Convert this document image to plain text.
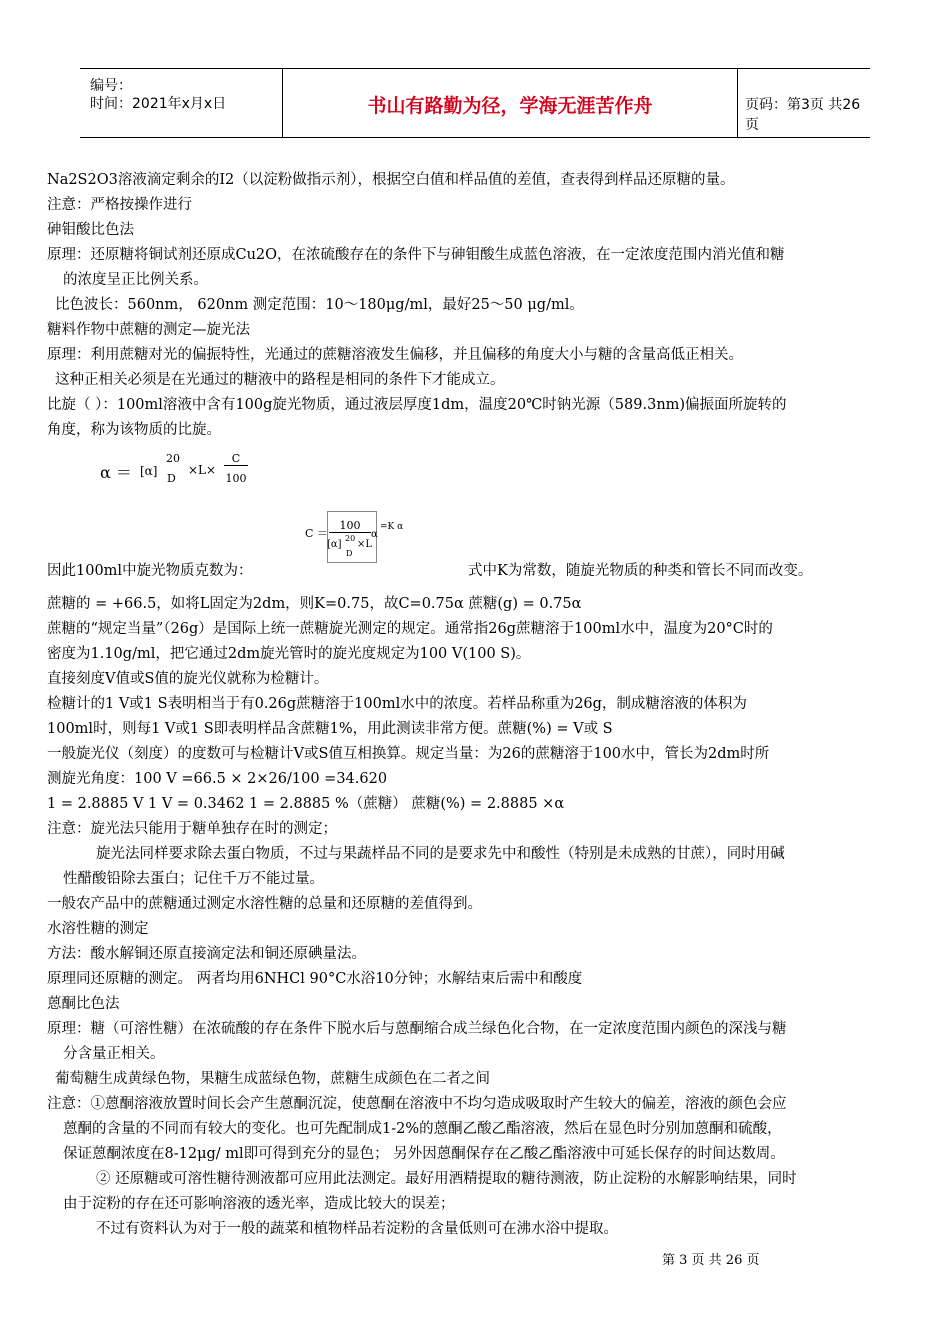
编号：
时间：2021年x月x日	书山有路勤为径，学海无涯苦作舟	页码：第3页 共26页
Na2S2O3溶液滴定剩余的I2（以淀粉做指示剂），根据空白值和样品值的差值，查表得到样品还原糖的量。
注意：严格按操作进行
砷钼酸比色法
原理：还原糖将铜试剂还原成Cu2O，在浓硫酸存在的条件下与砷钼酸生成蓝色溶液，在一定浓度范围内消光值和糖
的浓度呈正比例关系。
比色波长：560nm， 620nm 测定范围：10～180μg/ml，最好25～50 μg/ml。
糖料作物中蔗糖的测定—旋光法
原理：利用蔗糖对光的偏振特性，光通过的蔗糖溶液发生偏移，并且偏移的角度大小与糖的含量高低正相关。
这种正相关必须是在光通过的糖液中的路程是相同的条件下才能成立。
比旋（ ）：100ml溶液中含有100g旋光物质，通过液层厚度1dm，温度20℃时钠光源（589.3nm)偏振面所旋转的
角度，称为该物质的比旋。
α ＝ [α]
20
D
×L×
C
100
C ＝
100
[α]
20
D
×L
α
=K α
因此100ml中旋光物质克数为：	式中K为常数，随旋光物质的种类和管长不同而改变。
蔗糖的 = +66.5，如将L固定为2dm，则K=0.75，故C=0.75α 蔗糖(g) = 0.75α
蔗糖的“规定当量”（26g）是国际上统一蔗糖旋光测定的规定。通常指26g蔗糖溶于100ml水中，温度为20°C时的
密度为1.10g/ml，把它通过2dm旋光管时的旋光度规定为100 V(100 S)。
直接刻度V值或S值的旋光仪就称为检糖计。
检糖计的1 V或1 S表明相当于有0.26g蔗糖溶于100ml水中的浓度。若样品称重为26g，制成糖溶液的体积为
100ml时，则每1 V或1 S即表明样品含蔗糖1%，用此测读非常方便。蔗糖(%) = V或 S
一般旋光仪（刻度）的度数可与检糖计V或S值互相换算。规定当量：为26的蔗糖溶于100水中，管长为2dm时所
测旋光角度：100 V =66.5 × 2×26/100 =34.620
1 = 2.8885 V 1 V = 0.3462 1 = 2.8885 %（蔗糖） 蔗糖(%) = 2.8885 ×α
注意：旋光法只能用于糖单独存在时的测定；
旋光法同样要求除去蛋白物质，不过与果蔬样品不同的是要求先中和酸性（特别是未成熟的甘蔗），同时用碱
性醋酸铅除去蛋白；记住千万不能过量。
一般农产品中的蔗糖通过测定水溶性糖的总量和还原糖的差值得到。
水溶性糖的测定
方法：酸水解铜还原直接滴定法和铜还原碘量法。
原理同还原糖的测定。 两者均用6NHCl 90°C水浴10分钟；水解结束后需中和酸度
蒽酮比色法
原理：糖（可溶性糖）在浓硫酸的存在条件下脱水后与蒽酮缩合成兰绿色化合物，在一定浓度范围内颜色的深浅与糖
分含量正相关。
葡萄糖生成黄绿色物，果糖生成蓝绿色物，蔗糖生成颜色在二者之间
注意：①蒽酮溶液放置时间长会产生蒽酮沉淀，使蒽酮在溶液中不均匀造成吸取时产生较大的偏差，溶液的颜色会应
蒽酮的含量的不同而有较大的变化。也可先配制成1-2%的蒽酮乙酸乙酯溶液，然后在显色时分别加蒽酮和硫酸，
保证蒽酮浓度在8-12μg/ ml即可得到充分的显色； 另外因蒽酮保存在乙酸乙酯溶液中可延长保存的时间达数周。
② 还原糖或可溶性糖待测液都可应用此法测定。最好用酒精提取的糖待测液，防止淀粉的水解影响结果，同时
由于淀粉的存在还可影响溶液的透光率，造成比较大的误差；
不过有资料认为对于一般的蔬菜和植物样品若淀粉的含量低则可在沸水浴中提取。
第 3 页 共 26 页
